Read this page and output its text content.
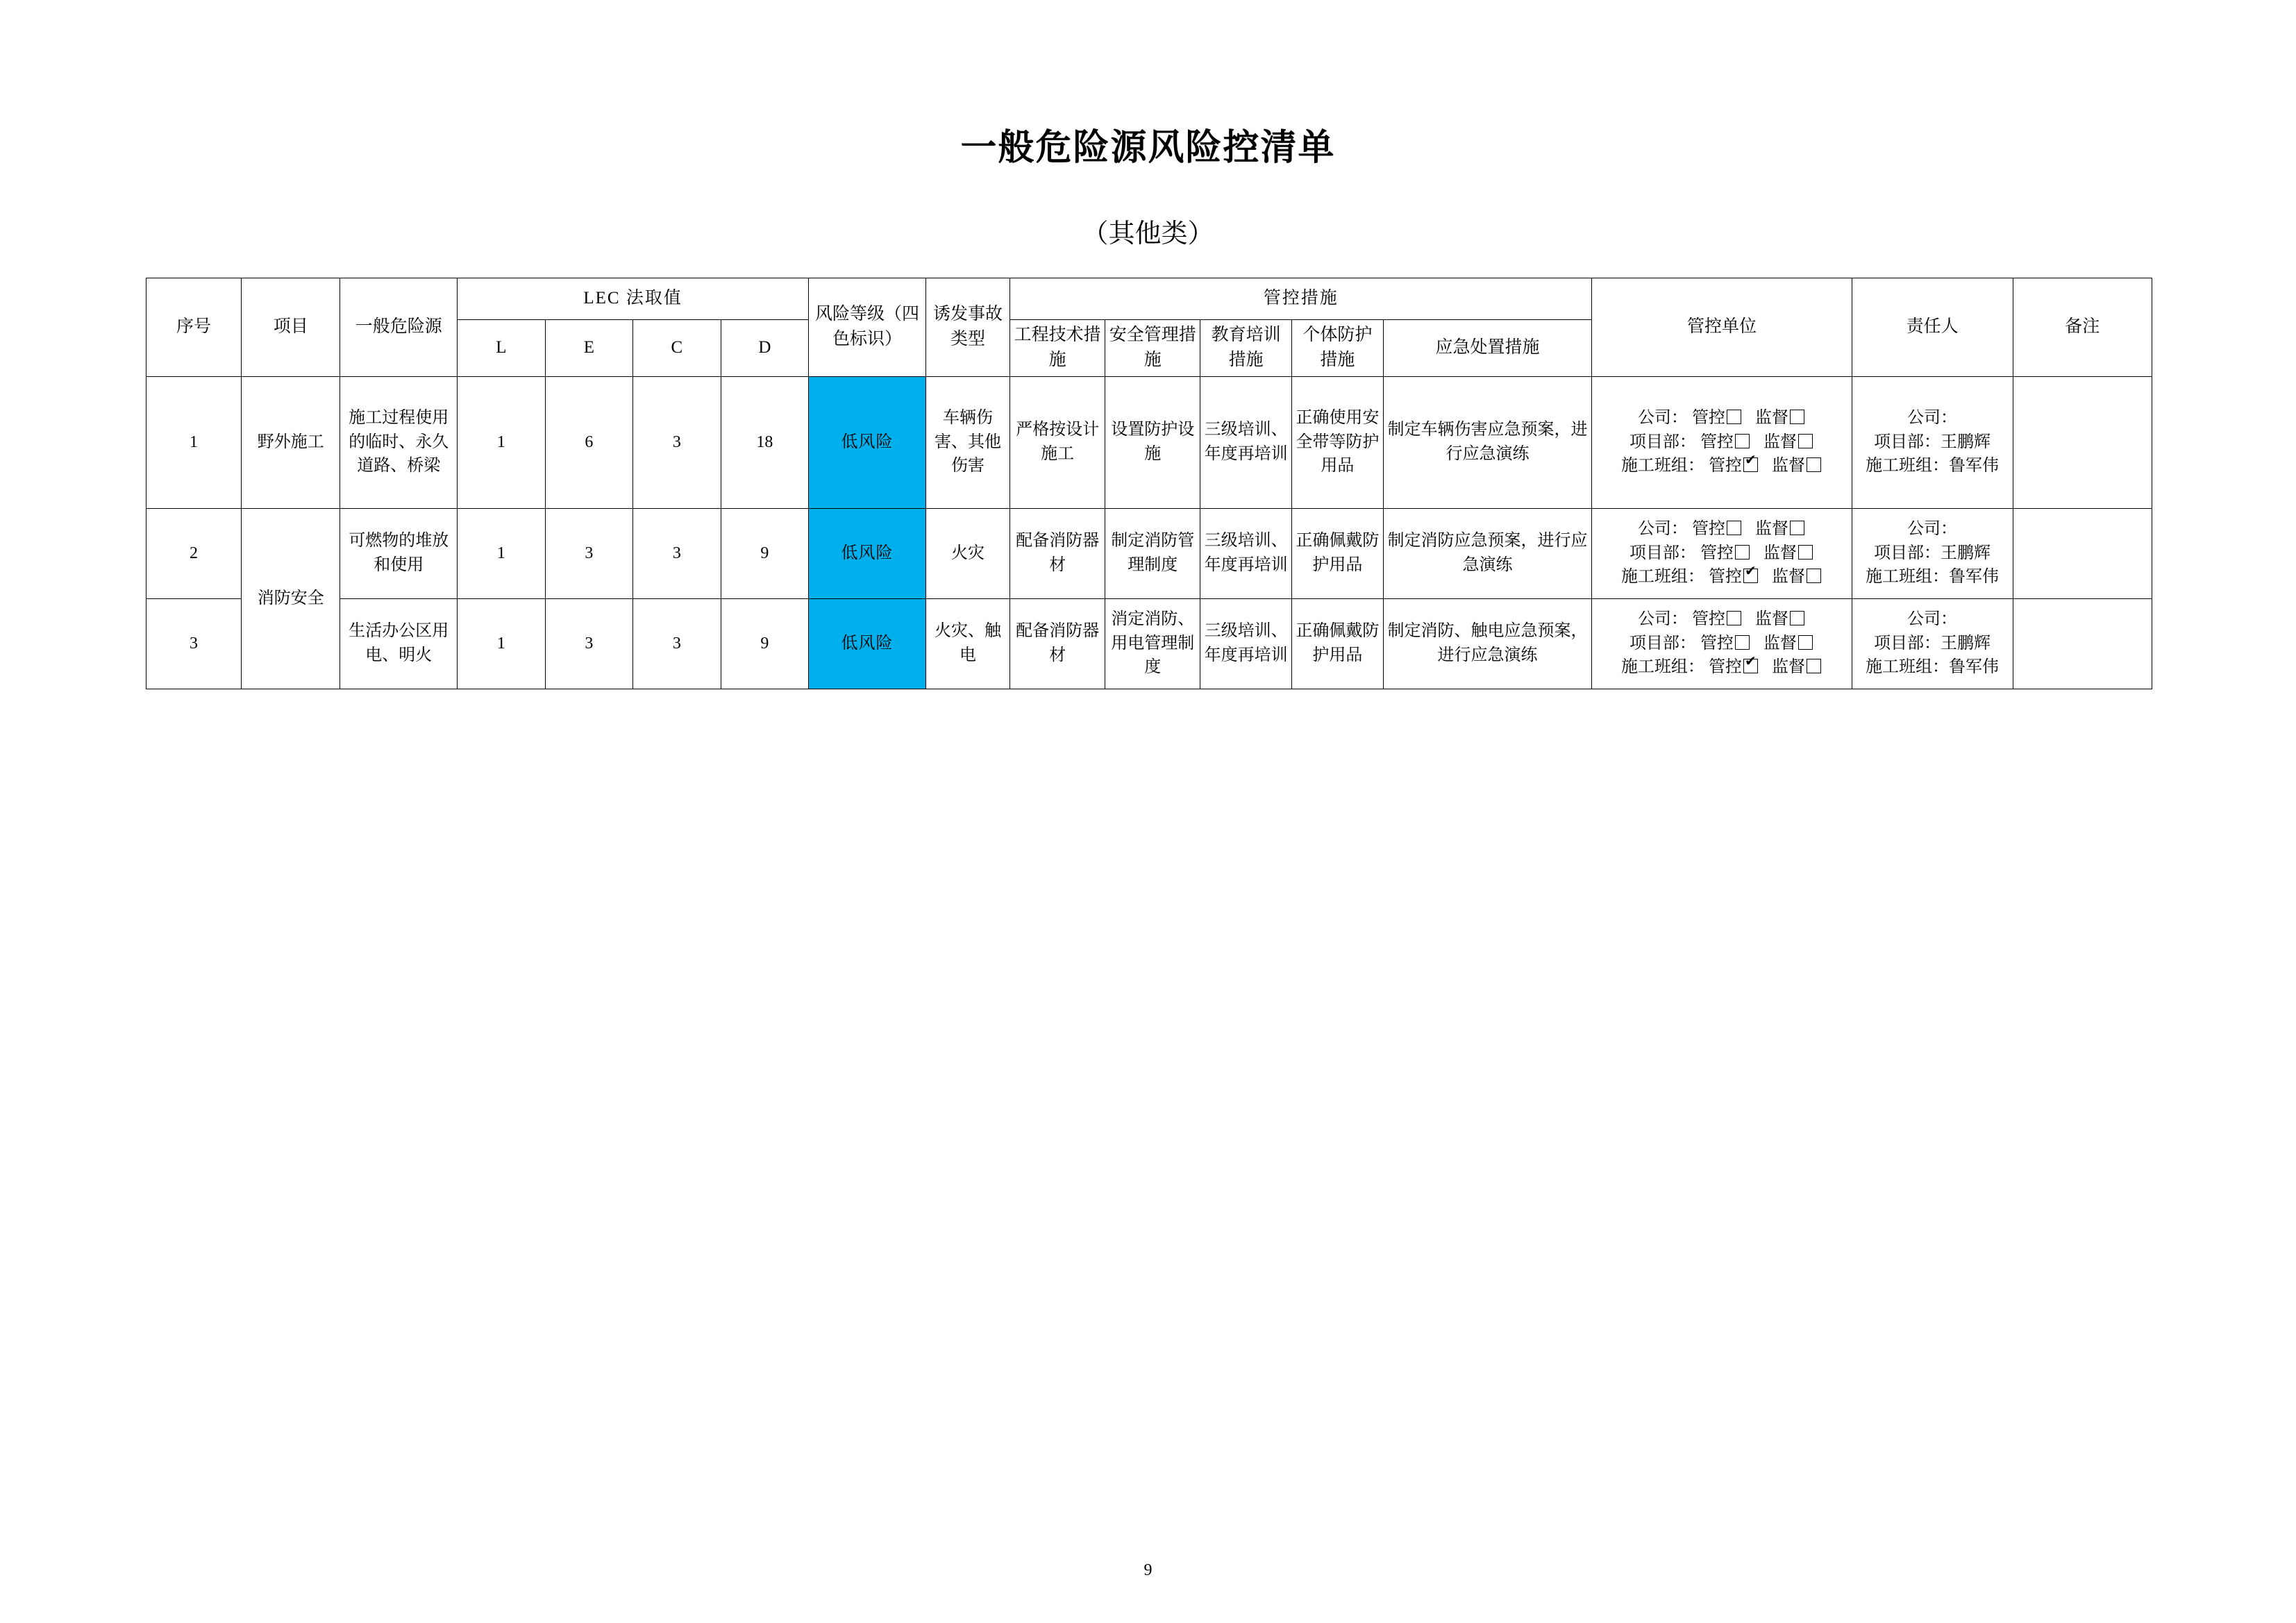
一般危险源风险控清单
（其他类）
序号	项目	一般危险源	LEC 法取值				风险等级（四色标识）	诱发事故类型	管控措施					管控单位	责任人	备注
			L	E	C	D			工程技术措施	安全管理措施	教育培训措施	个体防护措施	应急处置措施			

1	野外施工	施工过程使用的临时、永久道路、桥梁	1	6	3	18	低风险	车辆伤害、其他伤害	严格按设计施工	设置防护设施	三级培训、年度再培训	正确使用安全带等防护用品	制定车辆伤害应急预案，进行应急演练	公司： 管控 监督
项目部： 管控 监督
施工班组： 管控 ✔ 监督	公司：
项目部：王鹏辉
施工班组：鲁军伟	

2	消防安全	可燃物的堆放和使用	1	3	3	9	低风险	火灾	配备消防器材	制定消防管理制度	三级培训、年度再培训	正确佩戴防护用品	制定消防应急预案，进行应急演练	公司： 管控 监督
项目部： 管控 监督
施工班组： 管控 ✔ 监督	公司：
项目部：王鹏辉
施工班组：鲁军伟	

3		生活办公区用电、明火	1	3	3	9	低风险	火灾、触电	配备消防器材	消定消防、用电管理制度	三级培训、年度再培训	正确佩戴防护用品	制定消防、触电应急预案，进行应急演练	公司： 管控 监督
项目部： 管控 监督
施工班组： 管控 ✔ 监督	公司：
项目部：王鹏辉
施工班组：鲁军伟	

9
